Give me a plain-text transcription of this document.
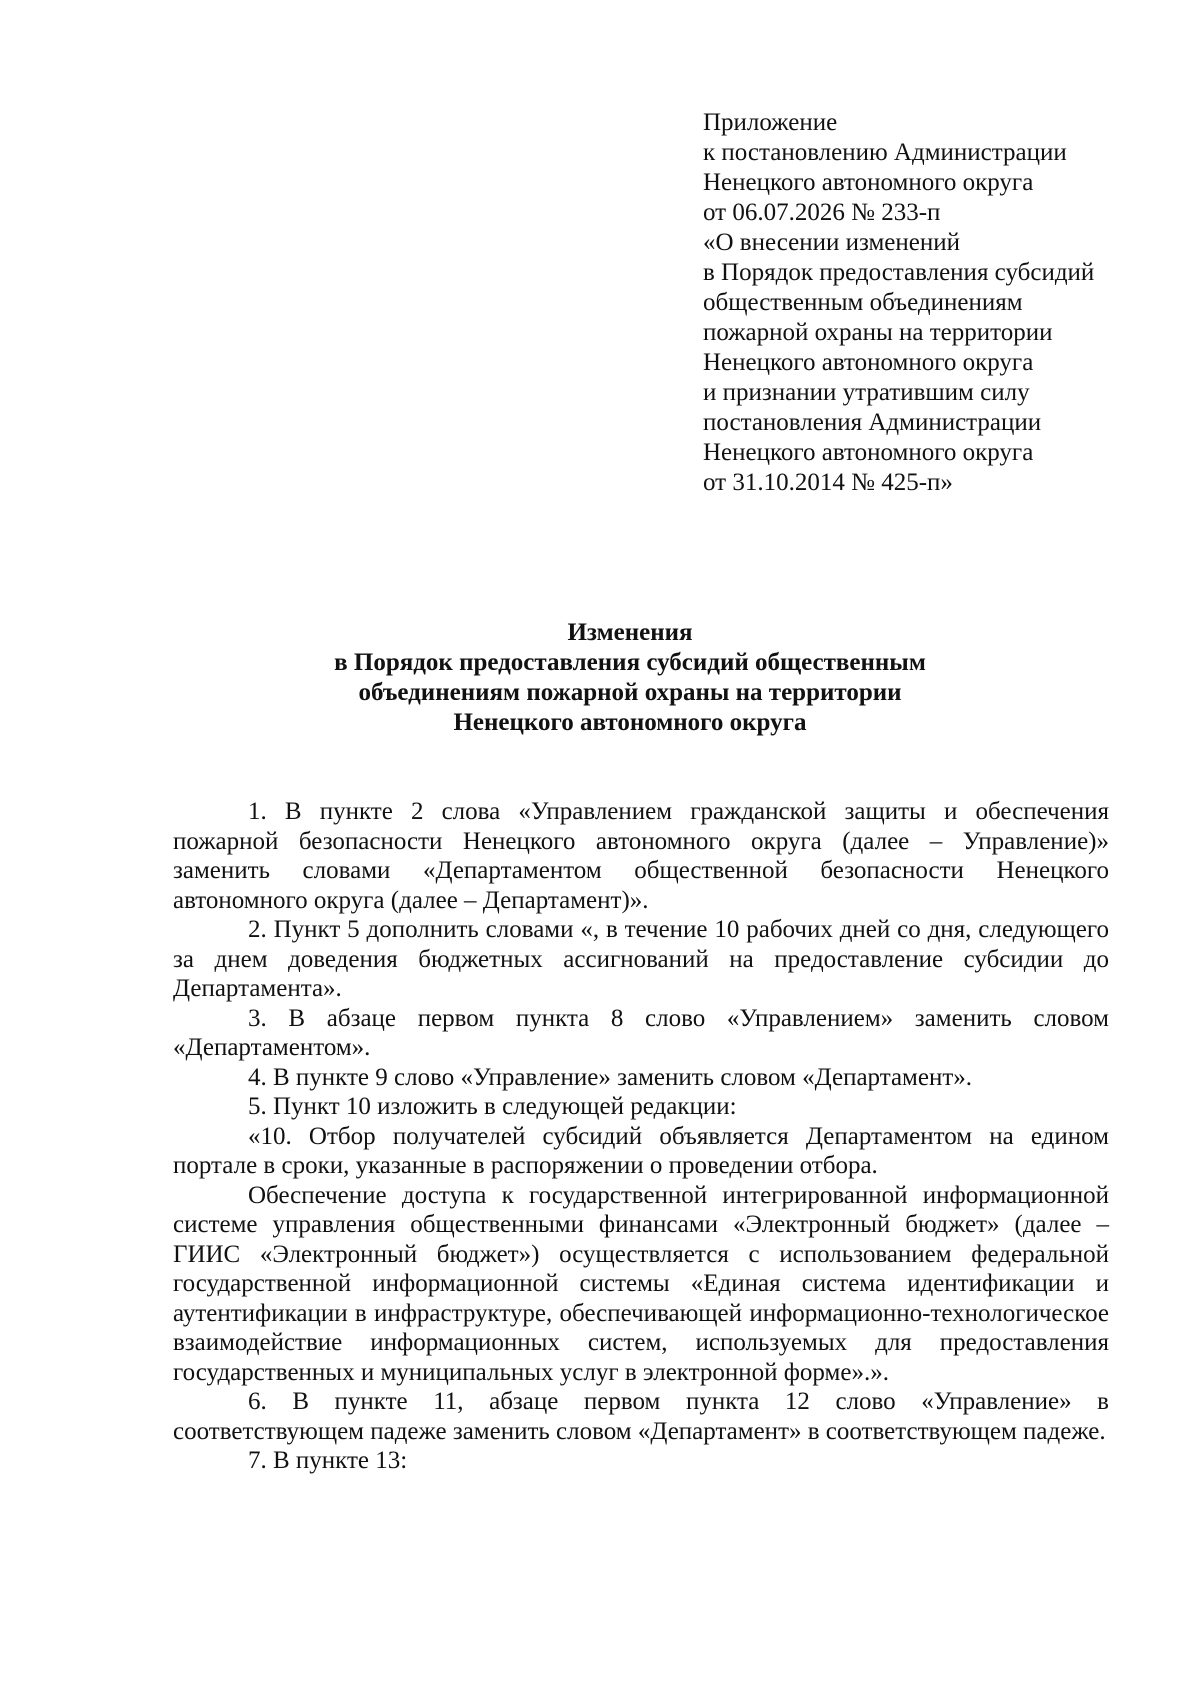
Приложение
к постановлению Администрации
Ненецкого автономного округа
от 06.07.2026 № 233-п
«О внесении изменений
в Порядок предоставления субсидий
общественным объединениям
пожарной охраны на территории
Ненецкого автономного округа
и признании утратившим силу
постановления Администрации
Ненецкого автономного округа
от 31.10.2014 № 425-п»
Изменения
в Порядок предоставления субсидий общественным
объединениям пожарной охраны на территории
Ненецкого автономного округа

1. В пункте 2 слова «Управлением гражданской защиты и обеспечения пожарной безопасности Ненецкого автономного округа (далее – Управление)» заменить словами «Департаментом общественной безопасности Ненецкого автономного округа (далее – Департамент)».

2. Пункт 5 дополнить словами «, в течение 10 рабочих дней со дня, следующего за днем доведения бюджетных ассигнований на предоставление субсидии до Департамента».

3. В абзаце первом пункта 8 слово «Управлением» заменить словом «Департаментом».

4. В пункте 9 слово «Управление» заменить словом «Департамент».

5. Пункт 10 изложить в следующей редакции:

«10. Отбор получателей субсидий объявляется Департаментом на едином портале в сроки, указанные в распоряжении о проведении отбора.

Обеспечение доступа к государственной интегрированной информационной системе управления общественными финансами «Электронный бюджет» (далее – ГИИС «Электронный бюджет») осуществляется с использованием федеральной государственной информационной системы «Единая система идентификации и аутентификации в инфраструктуре, обеспечивающей информационно-технологическое взаимодействие информационных систем, используемых для предоставления государственных и муниципальных услуг в электронной форме».».

6. В пункте 11, абзаце первом пункта 12 слово «Управление» в соответствующем падеже заменить словом «Департамент» в соответствующем падеже.

7. В пункте 13:
